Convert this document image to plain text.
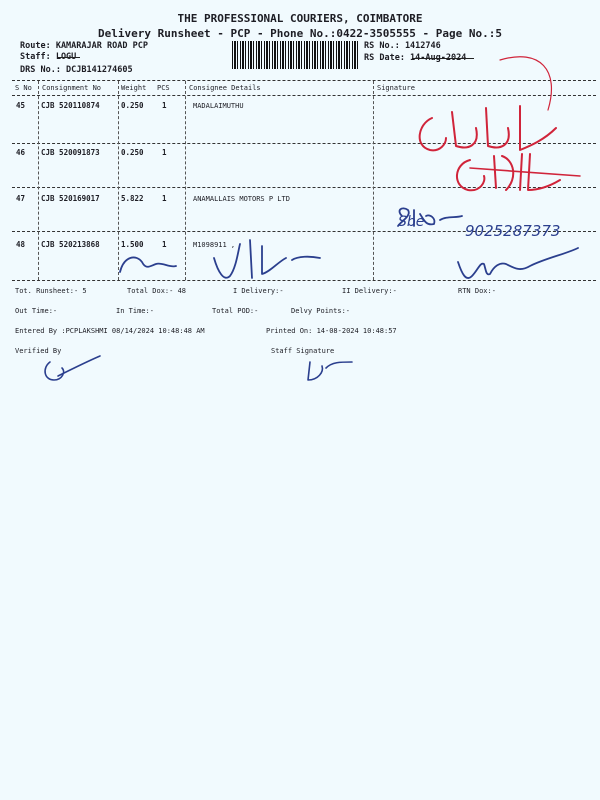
THE PROFESSIONAL COURIERS, COIMBATORE
Delivery Runsheet - PCP - Phone No.:0422-3505555 - Page No.:5
Route: KAMARAJAR ROAD PCP
Staff: LOGU
DRS No.: DCJB141274605
RS No.: 1412746
RS Date: 14-Aug-2024
S No Consignment No	Weight PCS	Consignee Details	Signature
45 CJB 520110874	0.250 1	MADALAIMUTHU
46 CJB 520091873	0.250 1
47 CJB 520169017	5.822 1	ANAMALLAIS MOTORS P LTD
48 CJB 520213868	1.500 1	M1098911 ,
Tot. Runsheet:- 5	Total Dox:- 48	I Delivery:-	II Delivery:-	RTN Dox:-
Out Time:-	In Time:-	Total POD:-	Delvy Points:-
Entered By :PCPLAKSHMI 08/14/2024 10:48:48 AM	Printed On: 14-08-2024 10:48:57
Verified By	Staff Signature
Sbe	9025287373
